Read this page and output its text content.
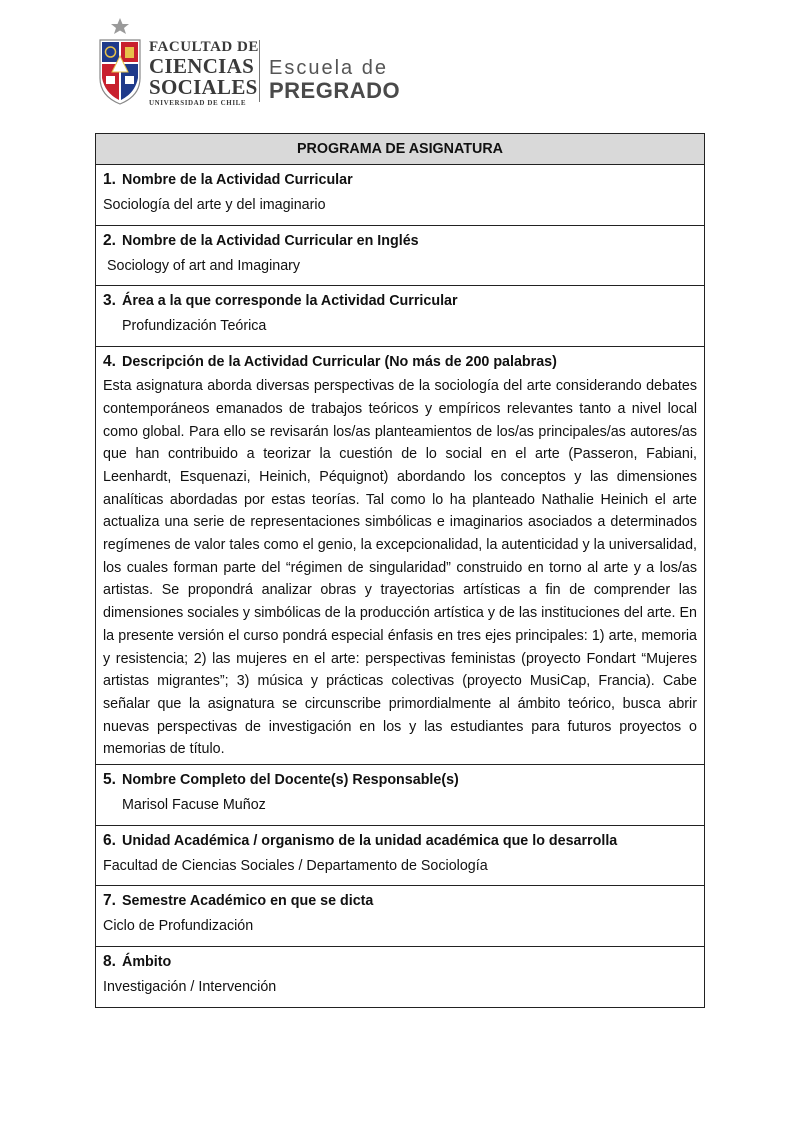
FACULTAD DE
CIENCIAS
SOCIALES
UNIVERSIDAD DE CHILE
Escuela de
PREGRADO
PROGRAMA DE ASIGNATURA

1. Nombre de la Actividad Curricular
Sociología del arte y del imaginario

2. Nombre de la Actividad Curricular en Inglés
Sociology of art and Imaginary

3. Área a la que corresponde la Actividad Curricular
Profundización Teórica

4. Descripción de la Actividad Curricular (No más de 200 palabras)
Esta asignatura aborda diversas perspectivas de la sociología del arte considerando debates contemporáneos emanados de trabajos teóricos y empíricos relevantes tanto a nivel local como global. Para ello se revisarán los/as planteamientos de los/as principales/as autores/as que han contribuido a teorizar la cuestión de lo social en el arte (Passeron, Fabiani, Leenhardt, Esquenazi, Heinich, Péquignot) abordando los conceptos y las dimensiones analíticas abordadas por estas teorías. Tal como lo ha planteado Nathalie Heinich el arte actualiza una serie de representaciones simbólicas e imaginarios asociados a determinados regímenes de valor tales como el genio, la excepcionalidad, la autenticidad y la universalidad, los cuales forman parte del “régimen de singularidad” construido en torno al arte y a los/as artistas. Se propondrá analizar obras y trayectorias artísticas a fin de comprender las dimensiones sociales y simbólicas de la producción artística y de las instituciones del arte. En la presente versión el curso pondrá especial énfasis en tres ejes principales: 1) arte, memoria y resistencia; 2) las mujeres en el arte: perspectivas feministas (proyecto Fondart “Mujeres artistas migrantes”; 3) música y prácticas colectivas (proyecto MusiCap, Francia). Cabe señalar que la asignatura se circunscribe primordialmente al ámbito teórico, busca abrir nuevas perspectivas de investigación en los y las estudiantes para futuros proyectos o memorias de título.

5. Nombre Completo del Docente(s) Responsable(s)
Marisol Facuse Muñoz

6. Unidad Académica / organismo de la unidad académica que lo desarrolla
Facultad de Ciencias Sociales / Departamento de Sociología

7. Semestre Académico en que se dicta
Ciclo de Profundización

8. Ámbito
Investigación / Intervención
